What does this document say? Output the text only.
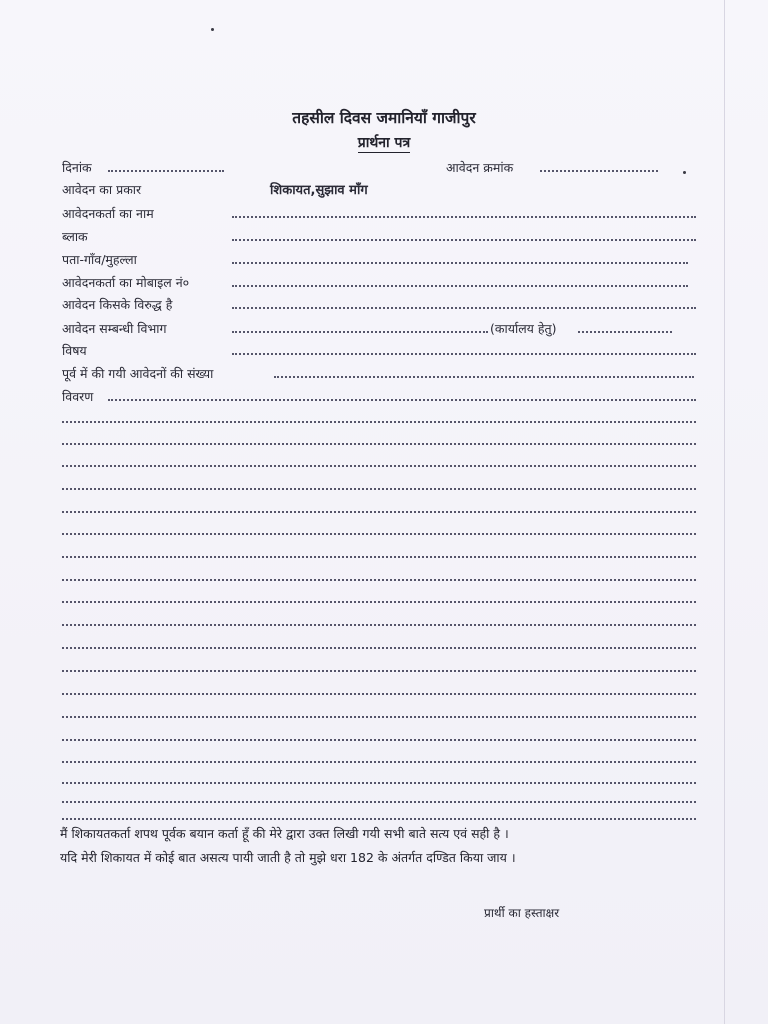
तहसील दिवस जमानियाँ गाजीपुर
प्रार्थना पत्र
दिनांक	आवेदन क्रमांक
आवेदन का प्रकार	शिकायत,सुझाव माँग
आवेदनकर्ता का नाम
ब्लाक
पता-गाँव/मुहल्ला
आवेदनकर्ता का मोबाइल नं०
आवेदन किसके विरुद्ध है
आवेदन सम्बन्धी विभाग	(कार्यालय हेतु)
विषय
पूर्व में की गयी आवेदनों की संख्या
विवरण
मैं शिकायतकर्ता शपथ पूर्वक बयान कर्ता हूँ की मेरे द्वारा उक्त लिखी गयी सभी बाते सत्य एवं सही है ।
यदि मेरी शिकायत में कोई बात असत्य पायी जाती है तो मुझे धरा 182 के अंतर्गत दण्डित किया जाय ।
प्रार्थी का हस्ताक्षर
